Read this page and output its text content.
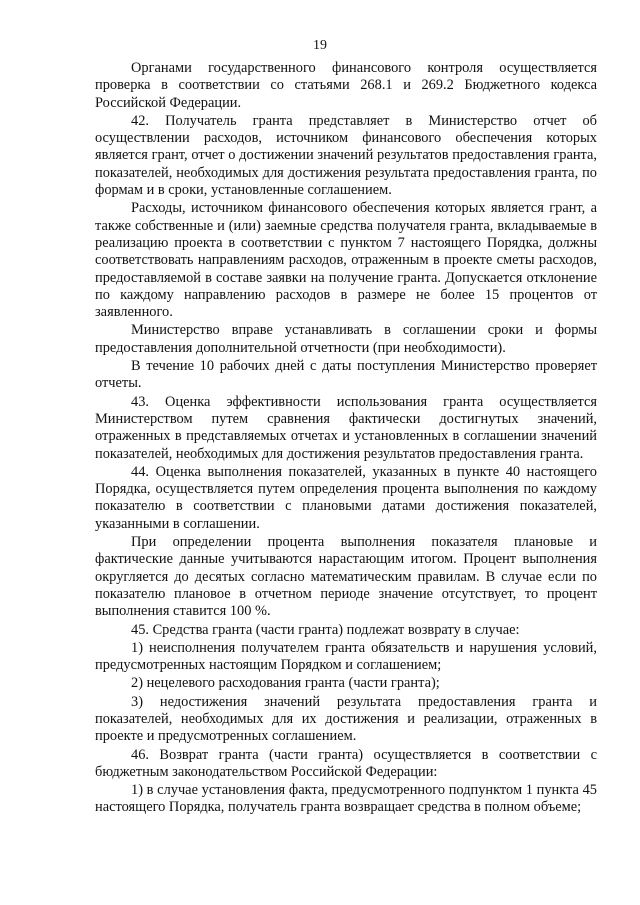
19

Органами государственного финансового контроля осуществляется проверка в соответствии со статьями 268.1 и 269.2 Бюджетного кодекса Российской Федерации.

42. Получатель гранта представляет в Министерство отчет об осуществлении расходов, источником финансового обеспечения которых является грант, отчет о достижении значений результатов предоставления гранта, показателей, необходимых для достижения результата предоставления гранта, по формам и в сроки, установленные соглашением.

Расходы, источником финансового обеспечения которых является грант, а также собственные и (или) заемные средства получателя гранта, вкладываемые в реализацию проекта в соответствии с пунктом 7 настоящего Порядка, должны соответствовать направлениям расходов, отраженным в проекте сметы расходов, предоставляемой в составе заявки на получение гранта. Допускается отклонение по каждому направлению расходов в размере не более 15 процентов от заявленного.

Министерство вправе устанавливать в соглашении сроки и формы предоставления дополнительной отчетности (при необходимости).

В течение 10 рабочих дней с даты поступления Министерство проверяет отчеты.

43. Оценка эффективности использования гранта осуществляется Министерством путем сравнения фактически достигнутых значений, отраженных в представляемых отчетах и установленных в соглашении значений показателей, необходимых для достижения результатов предоставления гранта.

44. Оценка выполнения показателей, указанных в пункте 40 настоящего Порядка, осуществляется путем определения процента выполнения по каждому показателю в соответствии с плановыми датами достижения показателей, указанными в соглашении.

При определении процента выполнения показателя плановые и фактические данные учитываются нарастающим итогом. Процент выполнения округляется до десятых согласно математическим правилам. В случае если по показателю плановое в отчетном периоде значение отсутствует, то процент выполнения ставится 100 %.

45. Средства гранта (части гранта) подлежат возврату в случае:

1) неисполнения получателем гранта обязательств и нарушения условий, предусмотренных настоящим Порядком и соглашением;

2) нецелевого расходования гранта (части гранта);

3) недостижения значений результата предоставления гранта и показателей, необходимых для их достижения и реализации, отраженных в проекте и предусмотренных соглашением.

46. Возврат гранта (части гранта) осуществляется в соответствии с бюджетным законодательством Российской Федерации:

1) в случае установления факта, предусмотренного подпунктом 1 пункта 45 настоящего Порядка, получатель гранта возвращает средства в полном объеме;
